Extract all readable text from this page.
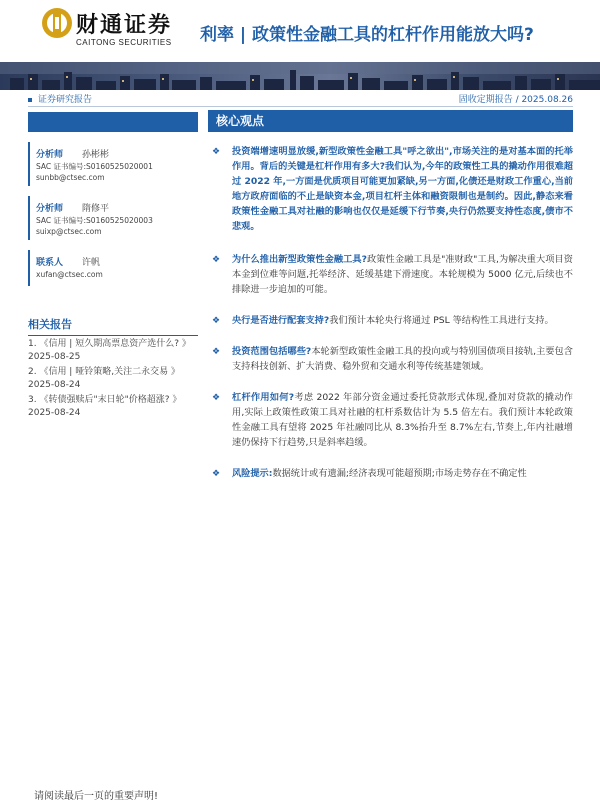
财通证券
CAITONG SECURITIES 利率 | 政策性金融工具的杠杆作用能放大吗?
证券研究报告	固收定期报告 / 2025.08.26

分析师 孙彬彬
SAC 证书编号:S0160525020001
sunbb@ctsec.com
分析师 隋修平
SAC 证书编号:S0160525020003
suixp@ctsec.com
联系人 许帆
xufan@ctsec.com
相关报告
1. 《信用 | 短久期高票息资产选什么? 》
2025-08-25
2. 《信用 | 哑铃策略,关注二永交易 》
2025-08-24
3. 《转债强赎后"末日轮"价格超涨? 》
2025-08-24
核心观点
❖ 投资端增速明显放缓,新型政策性金融工具"呼之欲出",市场关注的是对基本面的托举作用。背后的关键是杠杆作用有多大?我们认为,今年的政策性工具的撬动作用很难超过 2022 年,一方面是优质项目可能更加紧缺,另一方面,化债还是财政工作重心,当前地方政府面临的不止是缺资本金,项目杠杆主体和融资限制也是制约。因此,静态来看政策性金融工具对社融的影响也仅仅是延缓下行节奏,央行仍然要支持性态度,债市不悲观。
❖ 为什么推出新型政策性金融工具?政策性金融工具是"准财政"工具,为解决重大项目资本金到位难等问题,托举经济、延缓基建下滑速度。本轮规模为 5000 亿元,后续也不排除进一步追加的可能。
❖ 央行是否进行配套支持?我们预计本轮央行将通过 PSL 等结构性工具进行支持。
❖ 投资范围包括哪些?本轮新型政策性金融工具的投向或与特别国债项目接轨,主要包含支持科技创新、扩大消费、稳外贸和交通水利等传统基建领域。
❖ 杠杆作用如何?考虑 2022 年部分资金通过委托贷款形式体现,叠加对贷款的撬动作用,实际上政策性政策工具对社融的杠杆系数估计为 5.5 倍左右。我们预计本轮政策性金融工具有望将 2025 年社融同比从 8.3%抬升至 8.7%左右,节奏上,年内社融增速仍保持下行趋势,只是斜率趋缓。
❖ 风险提示:数据统计或有遗漏;经济表现可能超预期;市场走势存在不确定性
请阅读最后一页的重要声明!
